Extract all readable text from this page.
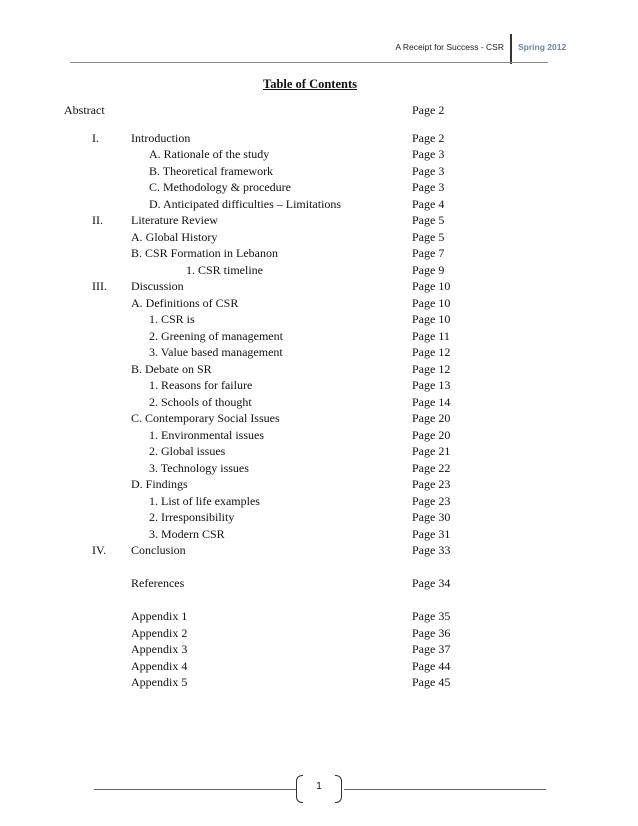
A Receipt for Success - CSR Spring 2012
Table of Contents
Abstract	Page 2
I.	Introduction	Page 2
A. Rationale of the study	Page 3
B. Theoretical framework	Page 3
C. Methodology & procedure	Page 3
D. Anticipated difficulties – Limitations	Page 4
II. Literature Review	Page 5
A. Global History	Page 5
B. CSR Formation in Lebanon	Page 7
1. CSR timeline	Page 9
III. Discussion	Page 10
A. Definitions of CSR	Page 10
1. CSR is	Page 10
2. Greening of management	Page 11
3. Value based management	Page 12
B. Debate on SR	Page 12
1. Reasons for failure	Page 13
2. Schools of thought	Page 14
C. Contemporary Social Issues	Page 20
1. Environmental issues	Page 20
2. Global issues	Page 21
3. Technology issues	Page 22
D. Findings	Page 23
1. List of life examples	Page 23
2. Irresponsibility	Page 30
3. Modern CSR	Page 31
IV. Conclusion	Page 33
References	Page 34
Appendix 1	Page 35
Appendix 2	Page 36
Appendix 3	Page 37
Appendix 4	Page 44
Appendix 5	Page 45
1
